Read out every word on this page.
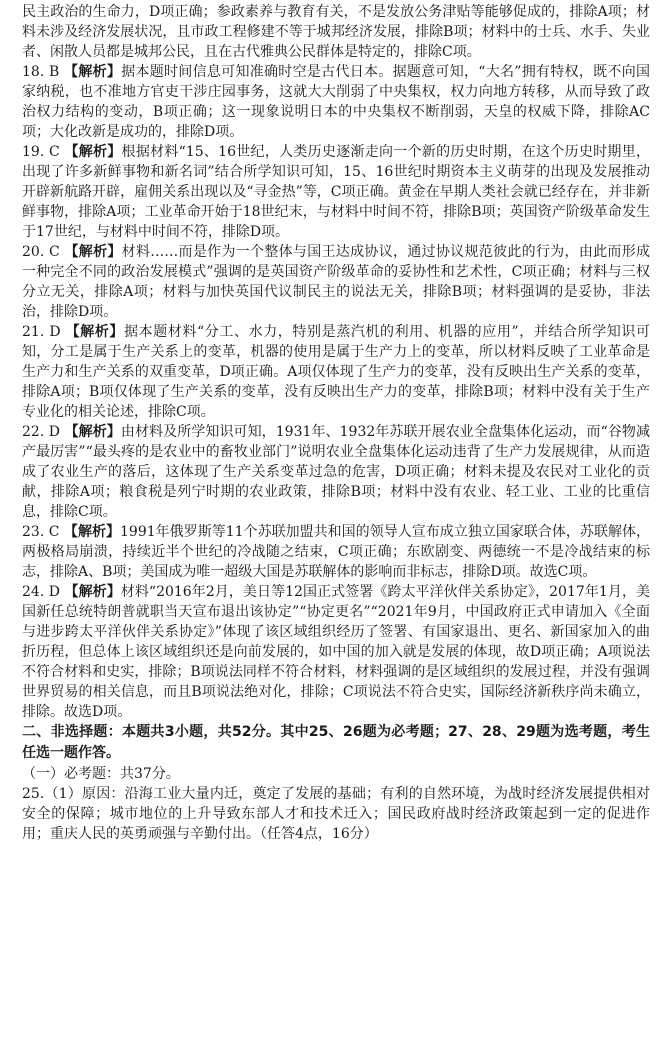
民主政治的生命力，D项正确；参政素养与教育有关，不是发放公务津贴等能够促成的，排除A项；材料未涉及经济发展状况，且市政工程修建不等于城邦经济发展，排除B项；材料中的士兵、水手、失业者、闲散人员都是城邦公民，且在古代雅典公民群体是特定的，排除C项。

18. B 【解析】据本题时间信息可知准确时空是古代日本。据题意可知，“大名”拥有特权，既不向国家纳税，也不准地方官吏干涉庄园事务，这就大大削弱了中央集权，权力向地方转移，从而导致了政治权力结构的变动，B项正确；这一现象说明日本的中央集权不断削弱，天皇的权威下降，排除AC项；大化改新是成功的，排除D项。

19. C 【解析】根据材料“15、16世纪，人类历史逐渐走向一个新的历史时期，在这个历史时期里，出现了许多新鲜事物和新名词”结合所学知识可知，15、16世纪时期资本主义萌芽的出现及发展推动开辟新航路开辟，雇佣关系出现以及“寻金热”等，C项正确。黄金在早期人类社会就已经存在，并非新鲜事物，排除A项；工业革命开始于18世纪末，与材料中时间不符，排除B项；英国资产阶级革命发生于17世纪，与材料中时间不符，排除D项。

20. C 【解析】材料……而是作为一个整体与国王达成协议，通过协议规范彼此的行为，由此而形成一种完全不同的政治发展模式”强调的是英国资产阶级革命的妥协性和艺术性，C项正确；材料与三权分立无关，排除A项；材料与加快英国代议制民主的说法无关，排除B项；材料强调的是妥协，非法治，排除D项。

21. D 【解析】据本题材料“分工、水力，特别是蒸汽机的利用、机器的应用”，并结合所学知识可知，分工是属于生产关系上的变革，机器的使用是属于生产力上的变革，所以材料反映了工业革命是生产力和生产关系的双重变革，D项正确。A项仅体现了生产力的变革，没有反映出生产关系的变革，排除A项；B项仅体现了生产关系的变革，没有反映出生产力的变革，排除B项；材料中没有关于生产专业化的相关论述，排除C项。

22. D 【解析】由材料及所学知识可知，1931年、1932年苏联开展农业全盘集体化运动，而“谷物减产最厉害”“最头疼的是农业中的畜牧业部门”说明农业全盘集体化运动违背了生产力发展规律，从而造成了农业生产的落后，这体现了生产关系变革过急的危害，D项正确；材料未提及农民对工业化的贡献，排除A项；粮食税是列宁时期的农业政策，排除B项；材料中没有农业、轻工业、工业的比重信息，排除C项。

23. C 【解析】1991年俄罗斯等11个苏联加盟共和国的领导人宣布成立独立国家联合体，苏联解体，两极格局崩溃，持续近半个世纪的冷战随之结束，C项正确；东欧剧变、两德统一不是冷战结束的标志，排除A、B项；美国成为唯一超级大国是苏联解体的影响而非标志，排除D项。故选C项。

24. D 【解析】材料“2016年2月，美日等12国正式签署《跨太平洋伙伴关系协定》，2017年1月，美国新任总统特朗普就职当天宣布退出该协定”“协定更名”“2021年9月，中国政府正式申请加入《全面与进步跨太平洋伙伴关系协定》”体现了该区域组织经历了签署、有国家退出、更名、新国家加入的曲折历程，但总体上该区域组织还是向前发展的，如中国的加入就是发展的体现，故D项正确；A项说法不符合材料和史实，排除；B项说法同样不符合材料，材料强调的是区域组织的发展过程，并没有强调世界贸易的相关信息，而且B项说法绝对化，排除；C项说法不符合史实，国际经济新秩序尚未确立，排除。故选D项。

二、非选择题：本题共3小题，共52分。其中25、26题为必考题；27、28、29题为选考题，考生任选一题作答。

（一）必考题：共37分。

25.（1）原因：沿海工业大量内迁，奠定了发展的基础；有利的自然环境，为战时经济发展提供相对安全的保障；城市地位的上升导致东部人才和技术迁入；国民政府战时经济政策起到一定的促进作用；重庆人民的英勇顽强与辛勤付出。（任答4点，16分）
